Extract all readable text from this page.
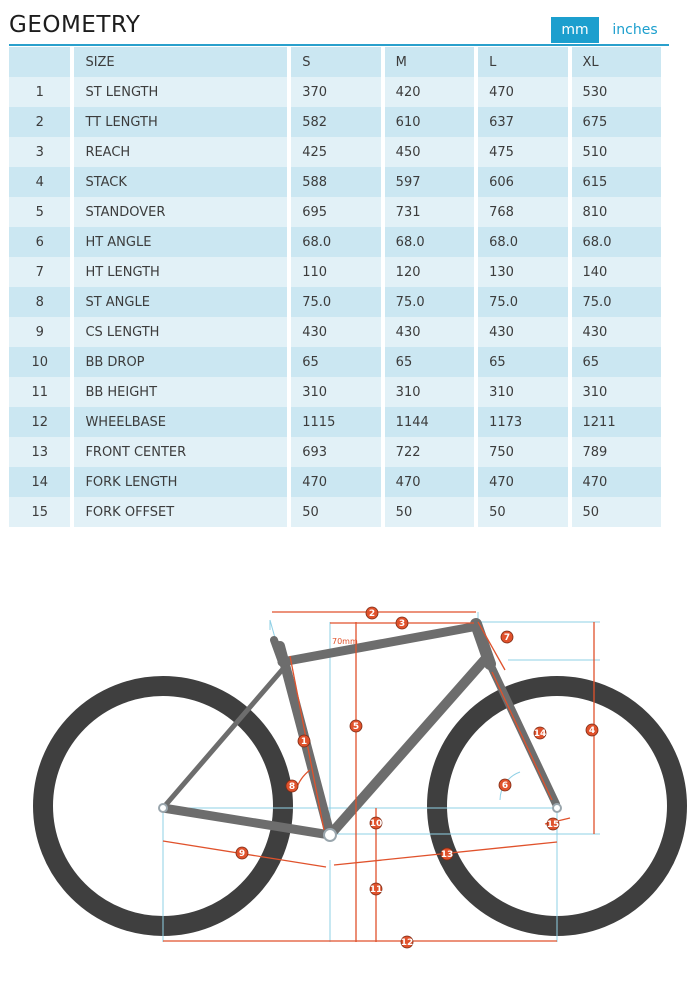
GEOMETRY	mm	inches
	SIZE	S	M	L	XL
1	ST LENGTH	370	420	470	530
2	TT LENGTH	582	610	637	675
3	REACH	425	450	475	510
4	STACK	588	597	606	615
5	STANDOVER	695	731	768	810
6	HT ANGLE	68.0	68.0	68.0	68.0
7	HT LENGTH	110	120	130	140
8	ST ANGLE	75.0	75.0	75.0	75.0
9	CS LENGTH	430	430	430	430
10	BB DROP	65	65	65	65
11	BB HEIGHT	310	310	310	310
12	WHEELBASE	1115	1144	1173	1211
13	FRONT CENTER	693	722	750	789
14	FORK LENGTH	470	470	470	470
15	FORK OFFSET	50	50	50	50
70mm
1
2
3
4
5
6
7
8
9
10
11
12
13
14
15
